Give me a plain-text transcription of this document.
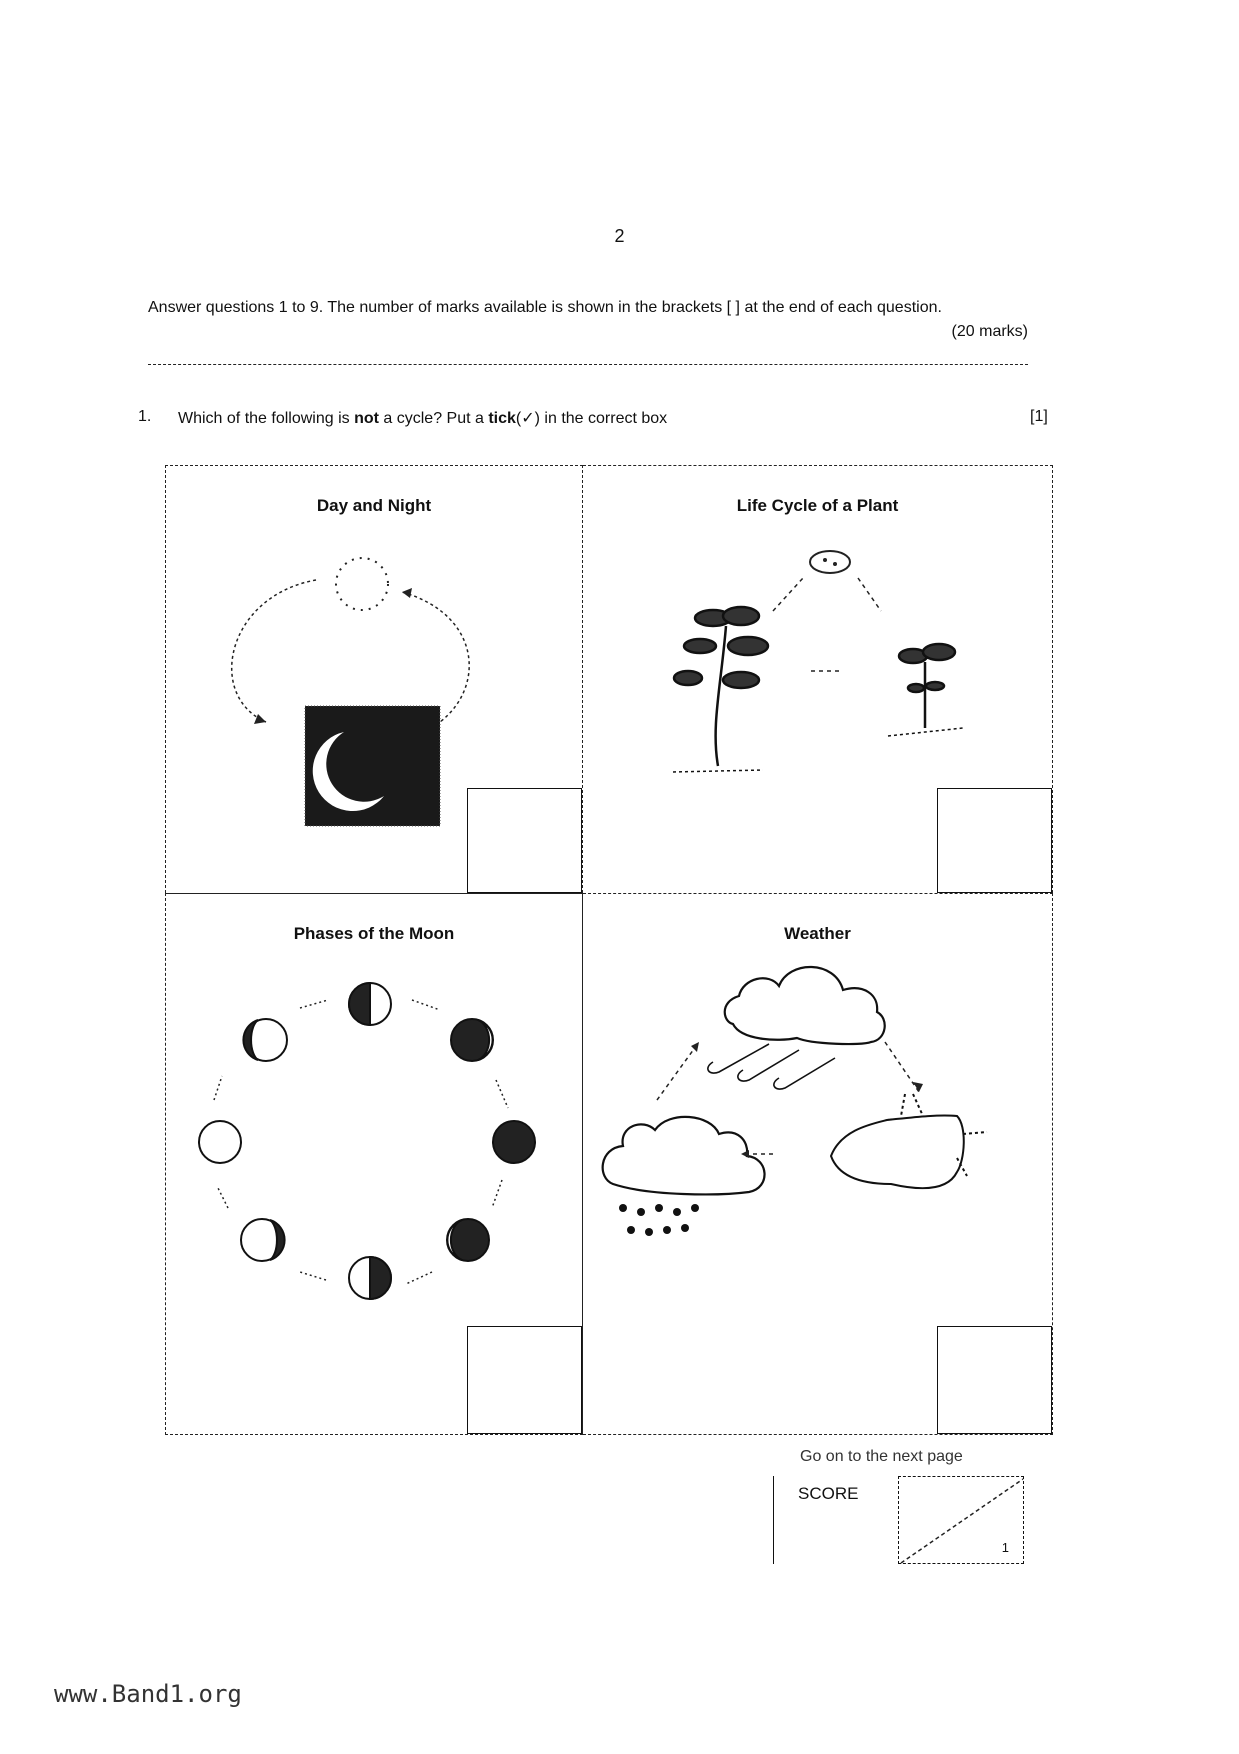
2
Answer questions 1 to 9. The number of marks available is shown in the brackets [ ] at the end of each question.
(20 marks)
1. Which of the following is not a cycle? Put a tick(✓) in the correct box	[1]
Day and Night	Life Cycle of a Plant
Phases of the Moon	Weather
Go on to the next page
SCORE
1
www.Band1.org
